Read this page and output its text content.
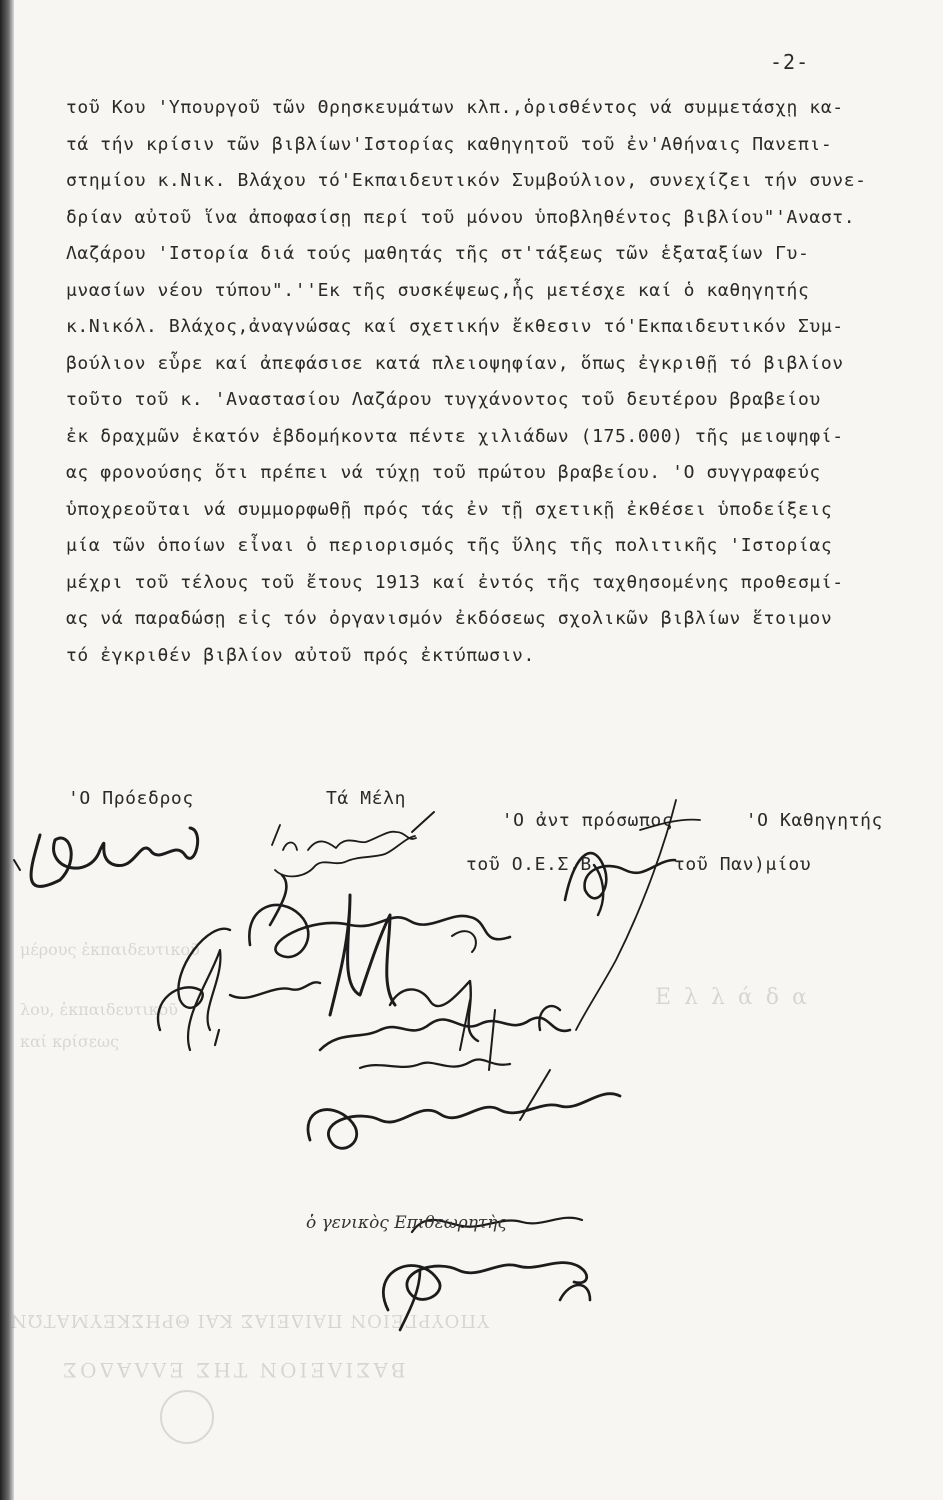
ΒΑΣΙΛΕΙΟΝ ΤΗΣ ΕΛΛΑΔΟΣ
ΥΠΟΥΡΓΕΙΟΝ ΠΑΙΔΕΙΑΣ ΚΑΙ ΘΡΗΣΚΕΥΜΑΤΩΝ
Ε λ λ ά δ α
μέρους ἐκπαιδευτικοῦ
λου, ἐκπαιδευτικοῦ
καί κρίσεως
-2-
τοῦ Κου 'Υπουργοῦ τῶν Θρησκευμάτων κλπ.,ὁρισθέντος νά συμμετάσχῃ κα-
τά τήν κρίσιν τῶν βιβλίων'Ιστορίας καθηγητοῦ τοῦ ἐν'Αθήναις Πανεπι-
στημίου κ.Νικ. Βλάχου τό'Εκπαιδευτικόν Συμβούλιον, συνεχίζει τήν συνε-
δρίαν αὐτοῦ ἵνα ἀποφασίσῃ περί τοῦ μόνου ὑποβληθέντος βιβλίου"'Αναστ.
Λαζάρου 'Ιστορία διά τούς μαθητάς τῆς στ'τάξεως τῶν ἑξαταξίων Γυ-
μνασίων νέου τύπου".''Εκ τῆς συσκέψεως,ἧς μετέσχε καί ὁ καθηγητής
κ.Νικόλ. Βλάχος,ἀναγνώσας καί σχετικήν ἔκθεσιν τό'Εκπαιδευτικόν Συμ-
βούλιον εὗρε καί ἀπεφάσισε κατά πλειοψηφίαν, ὅπως ἐγκριθῇ τό βιβλίον
τοῦτο τοῦ κ. 'Αναστασίου Λαζάρου τυγχάνοντος τοῦ δευτέρου βραβείου
ἐκ δραχμῶν ἑκατόν ἑβδομήκοντα πέντε χιλιάδων (175.000) τῆς μειοψηφί-
ας φρονούσης ὅτι πρέπει νά τύχῃ τοῦ πρώτου βραβείου. 'Ο συγγραφεύς
ὑποχρεοῦται νά συμμορφωθῇ πρός τάς ἐν τῇ σχετικῇ ἐκθέσει ὑποδείξεις
μία τῶν ὁποίων εἶναι ὁ περιορισμός τῆς ὕλης τῆς πολιτικῆς 'Ιστορίας
μέχρι τοῦ τέλους τοῦ ἔτους 1913 καί ἐντός τῆς ταχθησομένης προθεσμί-
ας νά παραδώσῃ εἰς τόν ὀργανισμόν ἐκδόσεως σχολικῶν βιβλίων ἕτοιμον
τό ἐγκριθέν βιβλίον αὐτοῦ πρός ἐκτύπωσιν.
'Ο Πρόεδρος	Τά Μέλη

'Ο ἀντ πρόσωπος

τοῦ Ο.Ε.Σ.Β.

'Ο Καθηγητής

τοῦ Παν)μίου

ὁ γενικὸς Επιθεωρητὴς
